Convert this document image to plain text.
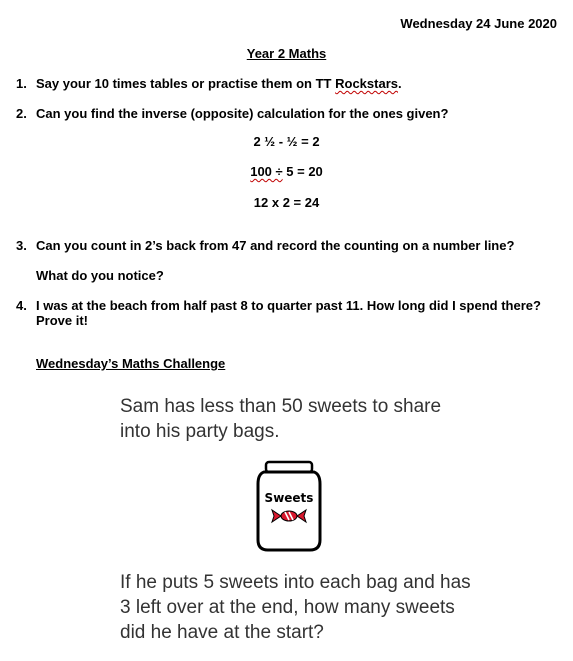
Wednesday 24 June 2020
Year 2 Maths
1. Say your 10 times tables or practise them on TT Rockstars.
2. Can you find the inverse (opposite) calculation for the ones given?
2 ½ - ½ = 2
100 ÷ 5 = 20
12 x 2 = 24
3. Can you count in 2’s back from 47 and record the counting on a number line?
What do you notice?
4. I was at the beach from half past 8 to quarter past 11. How long did I spend there?
Prove it!
Wednesday’s Maths Challenge
Sam has less than 50 sweets to share
into his party bags.
Sweets
If he puts 5 sweets into each bag and has
3 left over at the end, how many sweets
did he have at the start?
